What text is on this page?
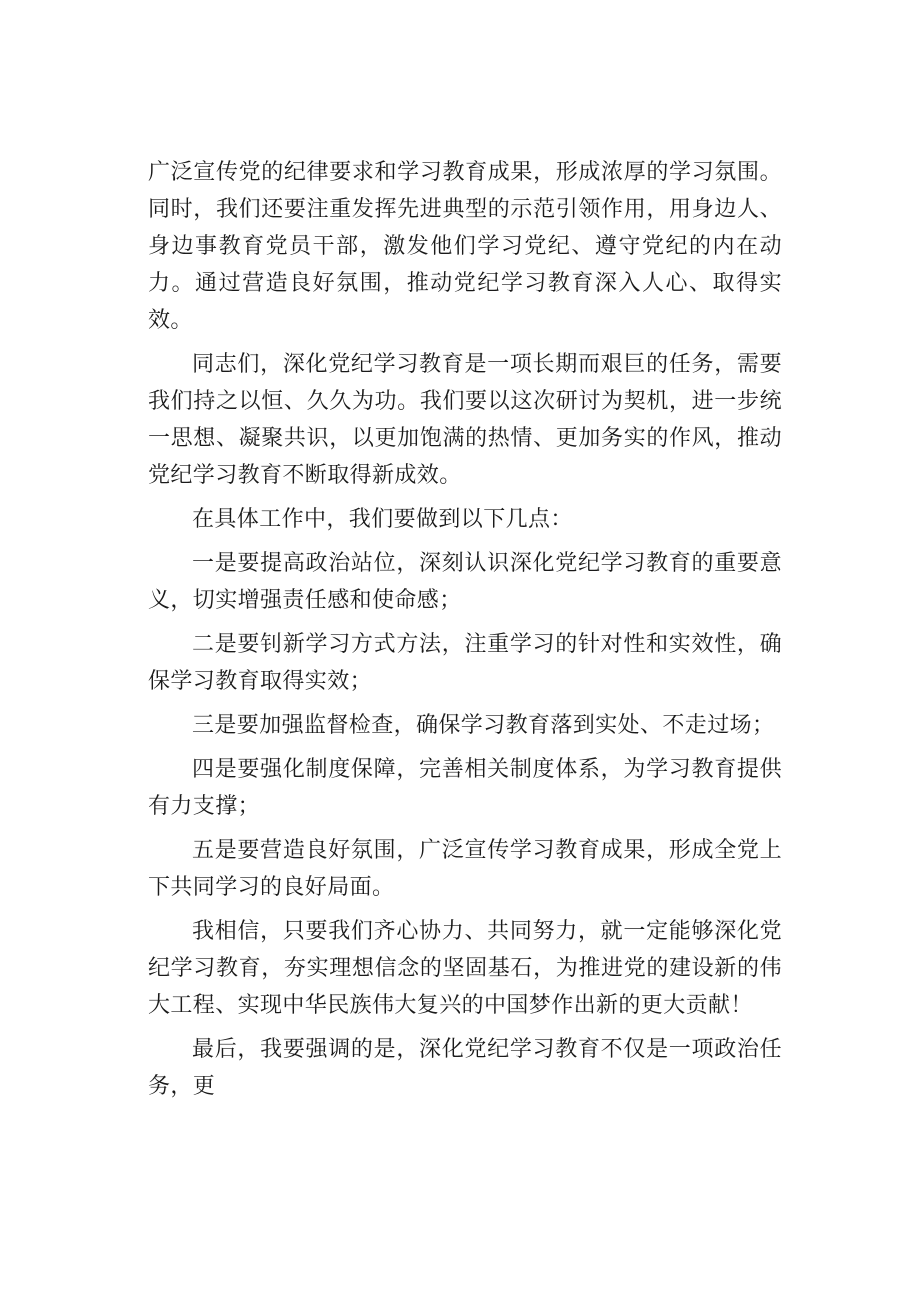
广泛宣传党的纪律要求和学习教育成果，形成浓厚的学习氛围。同时，我们还要注重发挥先进典型的示范引领作用，用身边人、身边事教育党员干部，激发他们学习党纪、遵守党纪的内在动力。通过营造良好氛围，推动党纪学习教育深入人心、取得实效。

同志们，深化党纪学习教育是一项长期而艰巨的任务，需要我们持之以恒、久久为功。我们要以这次研讨为契机，进一步统一思想、凝聚共识，以更加饱满的热情、更加务实的作风，推动党纪学习教育不断取得新成效。

在具体工作中，我们要做到以下几点：

一是要提高政治站位，深刻认识深化党纪学习教育的重要意义，切实增强责任感和使命感；

二是要钊新学习方式方法，注重学习的针对性和实效性，确保学习教育取得实效；

三是要加强监督检查，确保学习教育落到实处、不走过场；

四是要强化制度保障，完善相关制度体系，为学习教育提供有力支撑；

五是要营造良好氛围，广泛宣传学习教育成果，形成全党上下共同学习的良好局面。

我相信，只要我们齐心协力、共同努力，就一定能够深化党纪学习教育，夯实理想信念的坚固基石，为推进党的建设新的伟大工程、实现中华民族伟大复兴的中国梦作出新的更大贡献！

最后，我要强调的是，深化党纪学习教育不仅是一项政治任务，更
